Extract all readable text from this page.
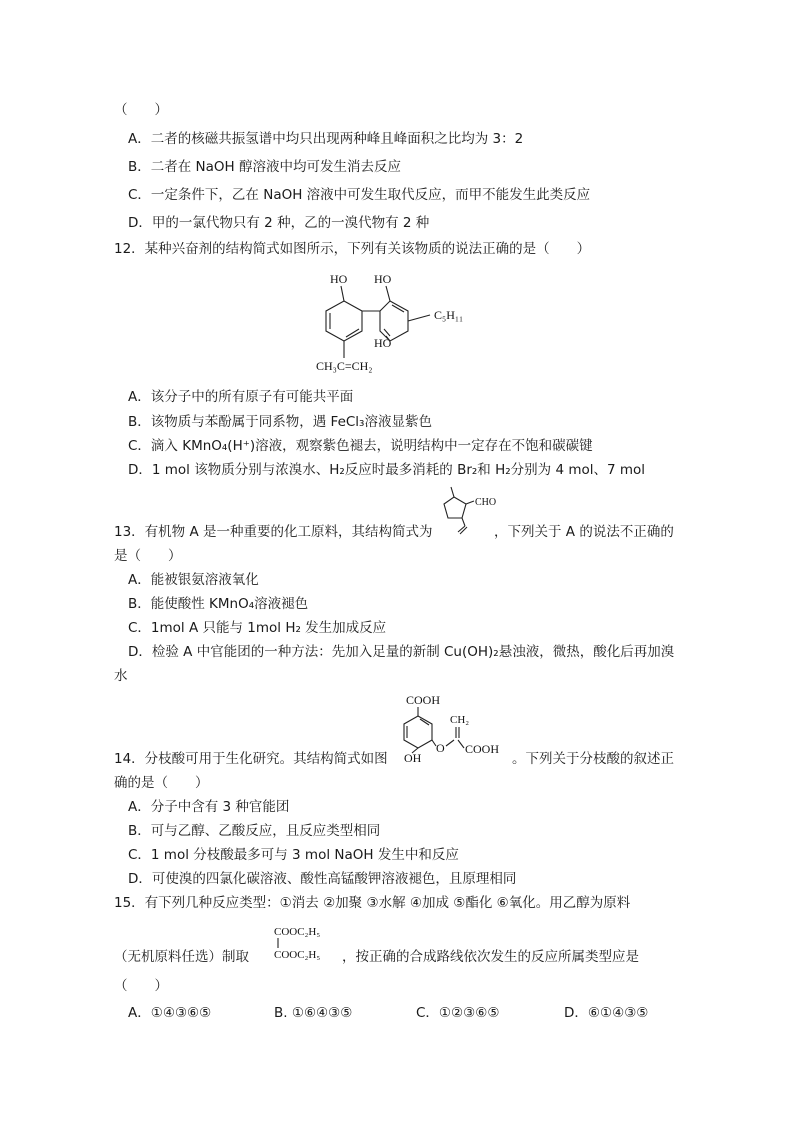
（　　）
A．二者的核磁共振氢谱中均只出现两种峰且峰面积之比均为 3：2
B．二者在 NaOH 醇溶液中均可发生消去反应
C．一定条件下，乙在 NaOH 溶液中可发生取代反应，而甲不能发生此类反应
D．甲的一氯代物只有 2 种，乙的一溴代物有 2 种
12．某种兴奋剂的结构简式如图所示，下列有关该物质的说法正确的是（　　）
HO HO
C₅H₁₁
HO
CH₃C=CH₂
A．该分子中的所有原子有可能共平面
B．该物质与苯酚属于同系物，遇 FeCl₃溶液显紫色
C．滴入 KMnO₄(H⁺)溶液，观察紫色褪去，说明结构中一定存在不饱和碳碳键
D．1 mol 该物质分别与浓溴水、H₂反应时最多消耗的 Br₂和 H₂分别为 4 mol、7 mol
CHO
13．有机物 A 是一种重要的化工原料，其结构简式为	，下列关于 A 的说法不正确的
是（　　）
A．能被银氨溶液氧化
B．能使酸性 KMnO₄溶液褪色
C．1mol A 只能与 1mol H₂ 发生加成反应
D．检验 A 中官能团的一种方法：先加入足量的新制 Cu(OH)₂悬浊液，微热，酸化后再加溴
水
COOH
OH
O
CH₂
COOH
14．分枝酸可用于生化研究。其结构简式如图	。下列关于分枝酸的叙述正
确的是（　　）
A．分子中含有 3 种官能团
B．可与乙醇、乙酸反应，且反应类型相同
C．1 mol 分枝酸最多可与 3 mol NaOH 发生中和反应
D．可使溴的四氯化碳溶液、酸性高锰酸钾溶液褪色，且原理相同
15．有下列几种反应类型：①消去 ②加聚 ③水解 ④加成 ⑤酯化 ⑥氧化。用乙醇为原料
COOC₂H₅
COOC₂H₅
（无机原料任选）制取	，按正确的合成路线依次发生的反应所属类型应是
（　　）
A．①④③⑥⑤	B. ①⑥④③⑤	C．①②③⑥⑤	D．⑥①④③⑤
